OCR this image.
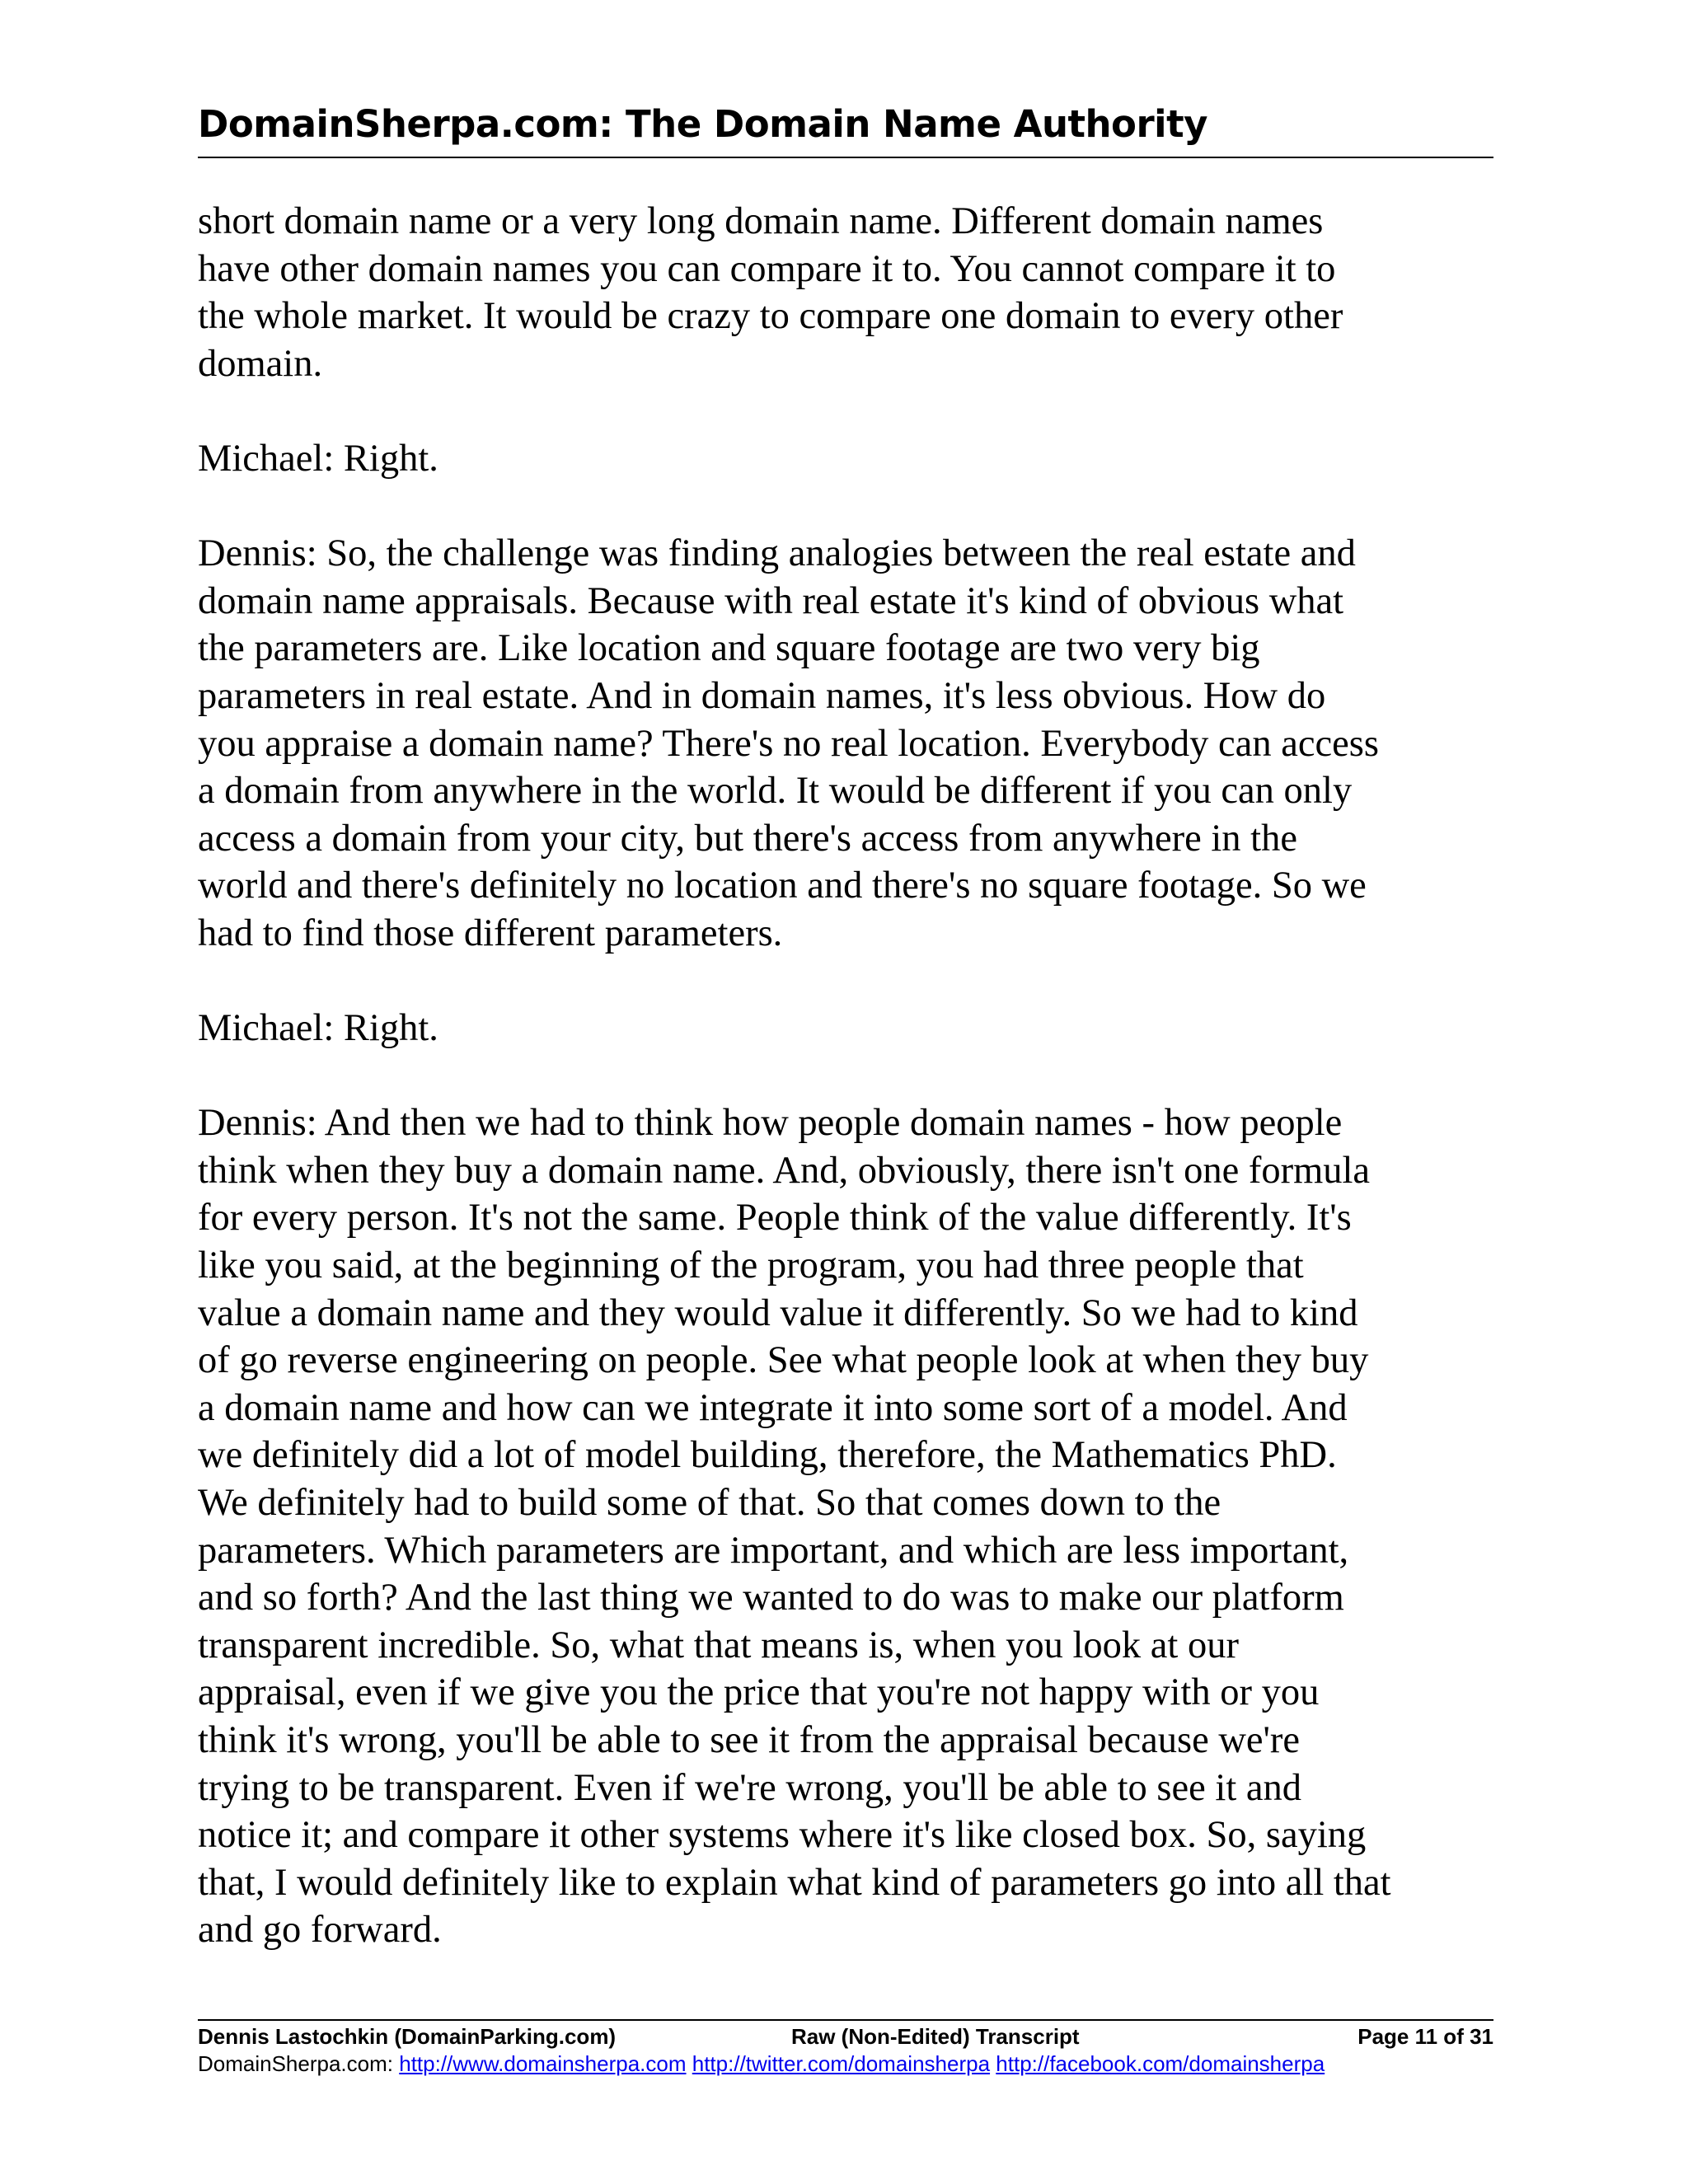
DomainSherpa.com: The Domain Name Authority

short domain name or a very long domain name. Different domain names
have other domain names you can compare it to. You cannot compare it to
the whole market. It would be crazy to compare one domain to every other
domain.

Michael: Right.

Dennis: So, the challenge was finding analogies between the real estate and
domain name appraisals. Because with real estate it's kind of obvious what
the parameters are. Like location and square footage are two very big
parameters in real estate. And in domain names, it's less obvious. How do
you appraise a domain name? There's no real location. Everybody can access
a domain from anywhere in the world. It would be different if you can only
access a domain from your city, but there's access from anywhere in the
world and there's definitely no location and there's no square footage. So we
had to find those different parameters.

Michael: Right.

Dennis: And then we had to think how people domain names - how people
think when they buy a domain name. And, obviously, there isn't one formula
for every person. It's not the same. People think of the value differently. It's
like you said, at the beginning of the program, you had three people that
value a domain name and they would value it differently. So we had to kind
of go reverse engineering on people. See what people look at when they buy
a domain name and how can we integrate it into some sort of a model. And
we definitely did a lot of model building, therefore, the Mathematics PhD.
We definitely had to build some of that. So that comes down to the
parameters. Which parameters are important, and which are less important,
and so forth? And the last thing we wanted to do was to make our platform
transparent incredible. So, what that means is, when you look at our
appraisal, even if we give you the price that you're not happy with or you
think it's wrong, you'll be able to see it from the appraisal because we're
trying to be transparent. Even if we're wrong, you'll be able to see it and
notice it; and compare it other systems where it's like closed box. So, saying
that, I would definitely like to explain what kind of parameters go into all that
and go forward.

Dennis Lastochkin (DomainParking.com)	Raw (Non-Edited) Transcript	Page 11 of 31
DomainSherpa.com: http://www.domainsherpa.com http://twitter.com/domainsherpa http://facebook.com/domainsherpa
